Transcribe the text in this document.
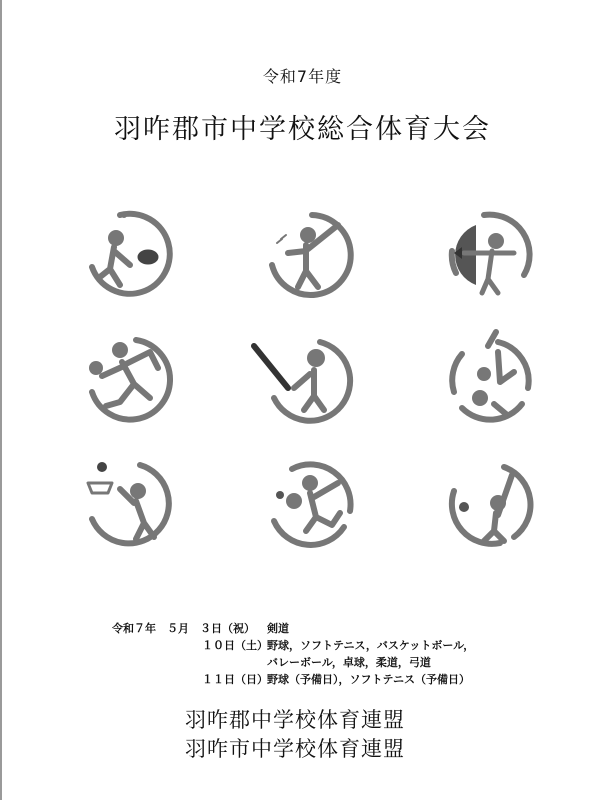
令和7年度
羽咋郡市中学校総合体育大会
令和７年　５月　３日（祝） 剣道
１０日（土） 野球，ソフトテニス，バスケットボール，
バレーボール，卓球，柔道，弓道
１１日（日） 野球（予備日），ソフトテニス（予備日）
羽咋郡中学校体育連盟
羽咋市中学校体育連盟
